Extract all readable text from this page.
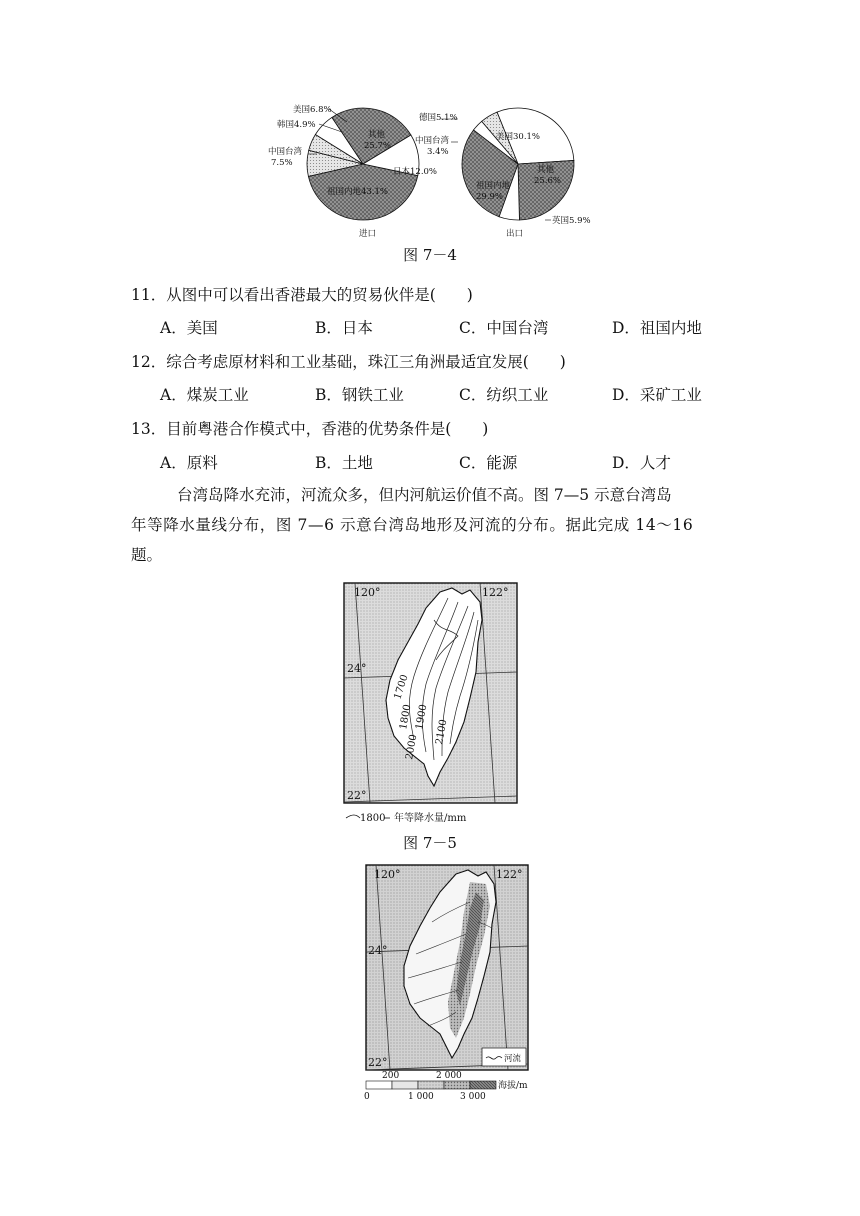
美国6.8%
韩国4.9%
中国台湾
7.5%
其他
25.7%
日本12.0%
祖国内地43.1%
进口
德国5.1%
中国台湾
3.4%
美国30.1%
其他
25.6%
祖国内地
29.9%
英国5.9%
出口
图 7－4
11．从图中可以看出香港最大的贸易伙伴是(　　)
A．美国	B．日本	C．中国台湾	D．祖国内地
12．综合考虑原材料和工业基础，珠江三角洲最适宜发展(　　)
A．煤炭工业	B．钢铁工业	C．纺织工业	D．采矿工业
13．目前粤港合作模式中，香港的优势条件是(　　)
A．原料	B．土地	C．能源	D．人才
台湾岛降水充沛，河流众多，但内河航运价值不高。图 7—5 示意台湾岛
年等降水量线分布，图 7—6 示意台湾岛地形及河流的分布。据此完成 14～16
题。
120°	122°
24°
22°
1700
1800 1900
2000
2100
1800 年等降水量/mm
图 7－5
120°	122°
24°
22°	河流
200	2 000
海拔/m
0	1 000	3 000
